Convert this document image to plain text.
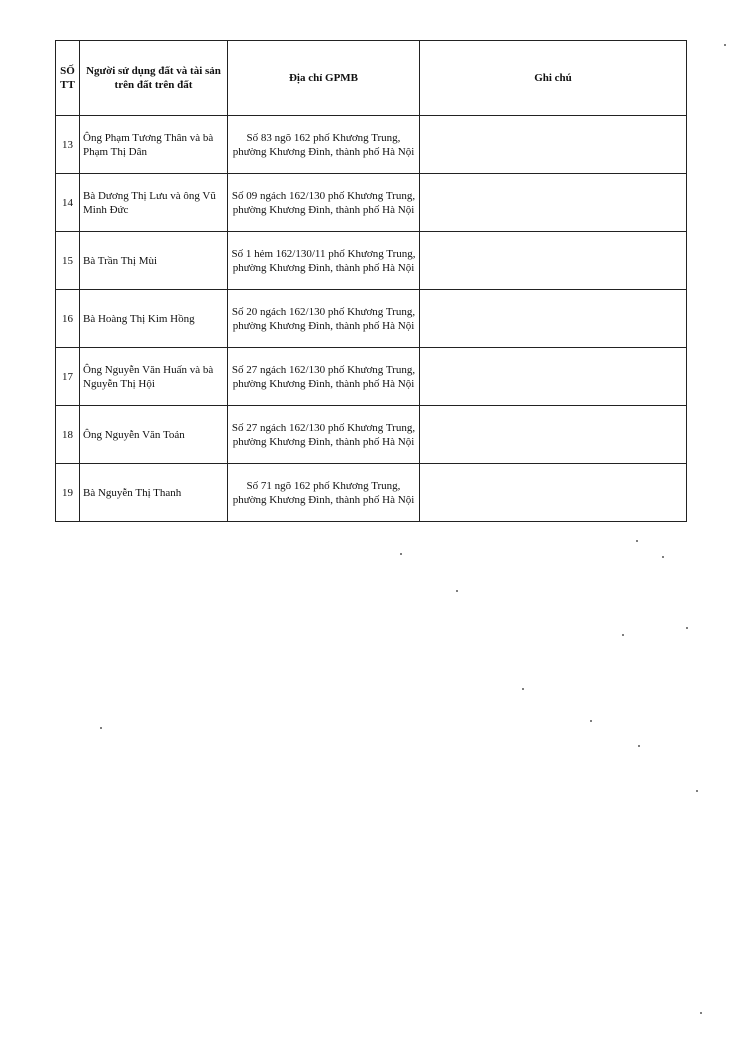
SỐ TT	Người sử dụng đất và tài sản trên đất trên đất	Địa chỉ GPMB	Ghi chú
13	Ông Phạm Tương Thân và bà Phạm Thị Dân	Số 83 ngõ 162 phố Khương Trung, phường Khương Đình, thành phố Hà Nội	
14	Bà Dương Thị Lưu và ông Vũ Minh Đức	Số 09 ngách 162/130 phố Khương Trung, phường Khương Đình, thành phố Hà Nội	
15	Bà Trần Thị Mùi	Số 1 hẻm 162/130/11 phố Khương Trung, phường Khương Đình, thành phố Hà Nội	
16	Bà Hoàng Thị Kim Hồng	Số 20 ngách 162/130 phố Khương Trung, phường Khương Đình, thành phố Hà Nội	
17	Ông Nguyễn Văn Huấn và bà Nguyễn Thị Hội	Số 27 ngách 162/130 phố Khương Trung, phường Khương Đình, thành phố Hà Nội	
18	Ông Nguyễn Văn Toản	Số 27 ngách 162/130 phố Khương Trung, phường Khương Đình, thành phố Hà Nội	
19	Bà Nguyễn Thị Thanh	Số 71 ngõ 162 phố Khương Trung, phường Khương Đình, thành phố Hà Nội	
